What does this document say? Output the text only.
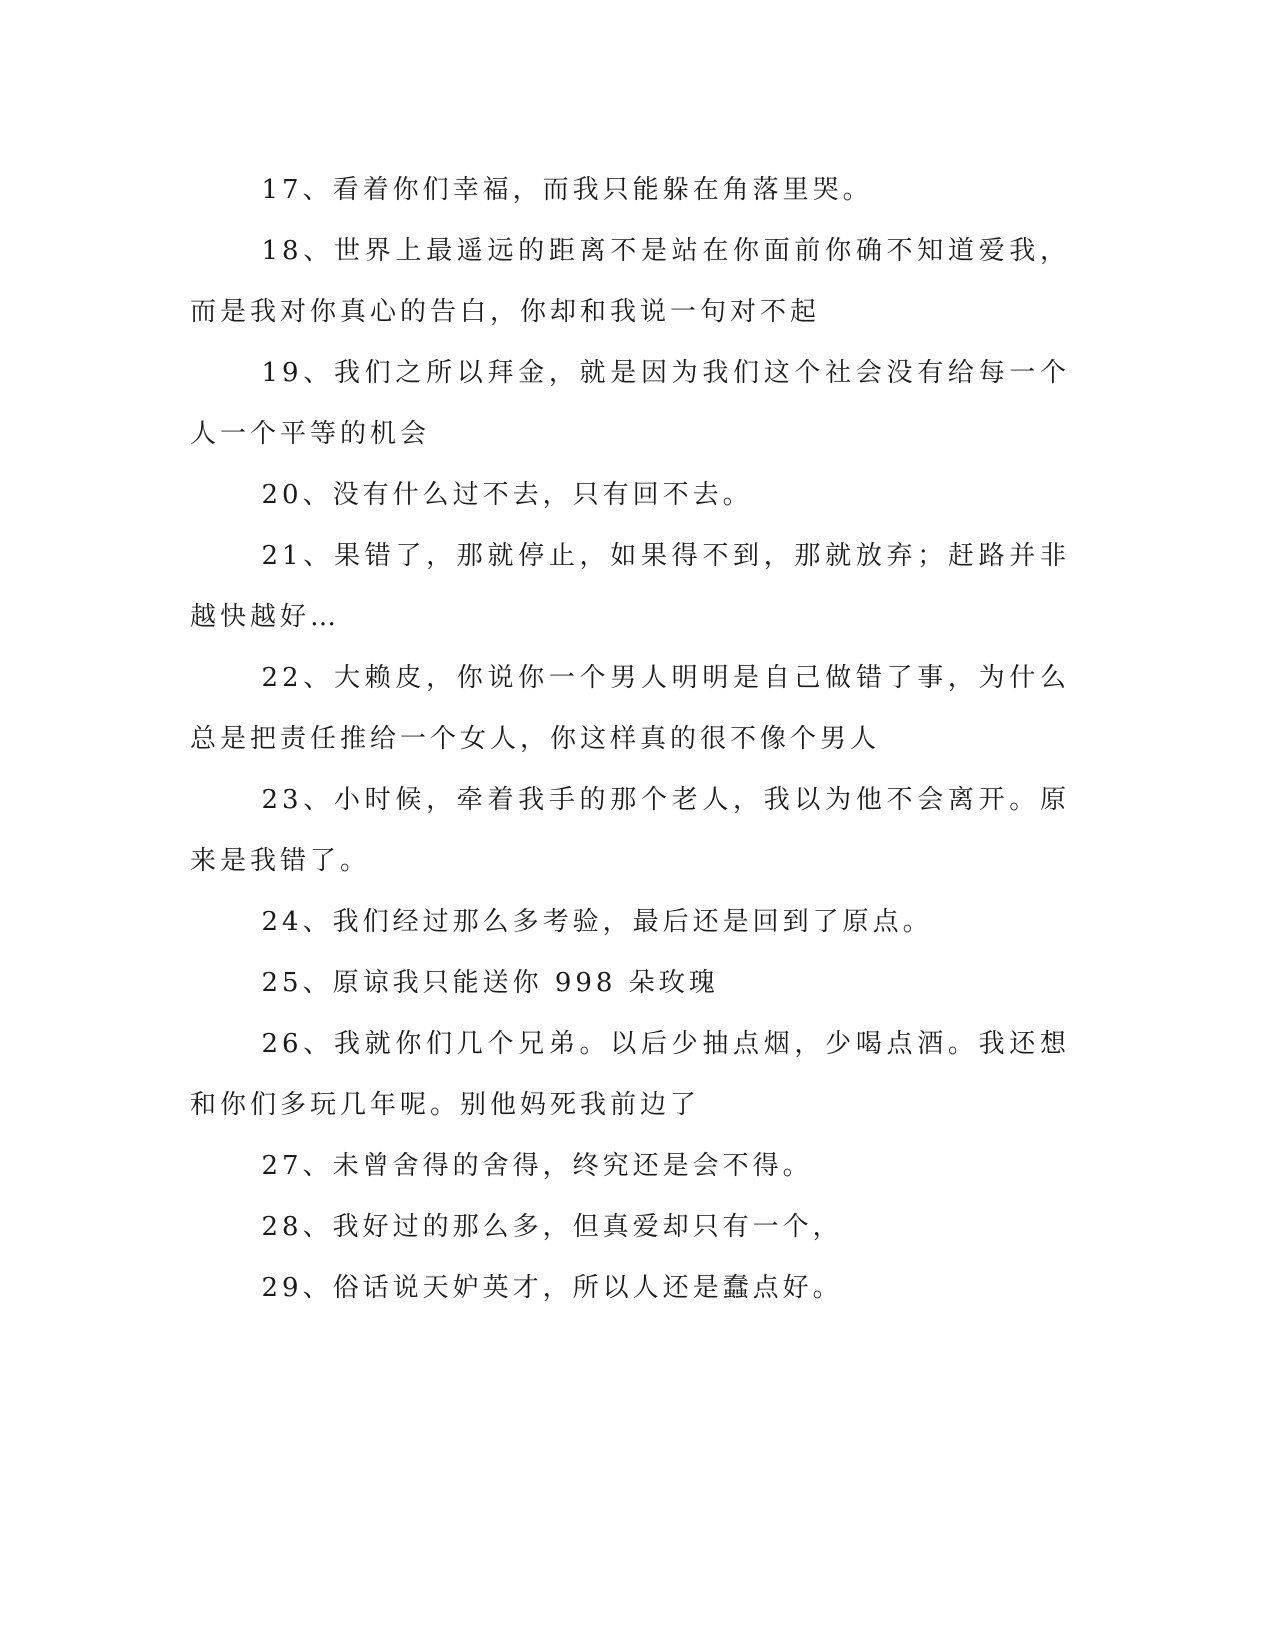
17、看着你们幸福，而我只能躲在角落里哭。

18、世界上最遥远的距离不是站在你面前你确不知道爱我，而是我对你真心的告白，你却和我说一句对不起

19、我们之所以拜金，就是因为我们这个社会没有给每一个人一个平等的机会

20、没有什么过不去，只有回不去。

21、果错了，那就停止，如果得不到，那就放弃；赶路并非越快越好…

22、大赖皮，你说你一个男人明明是自己做错了事，为什么总是把责任推给一个女人，你这样真的很不像个男人

23、小时候，牵着我手的那个老人，我以为他不会离开。原来是我错了。

24、我们经过那么多考验，最后还是回到了原点。

25、原谅我只能送你 998 朵玫瑰

26、我就你们几个兄弟。以后少抽点烟，少喝点酒。我还想和你们多玩几年呢。别他妈死我前边了

27、未曾舍得的舍得，终究还是会不得。

28、我好过的那么多，但真爱却只有一个，

29、俗话说天妒英才，所以人还是蠢点好。
